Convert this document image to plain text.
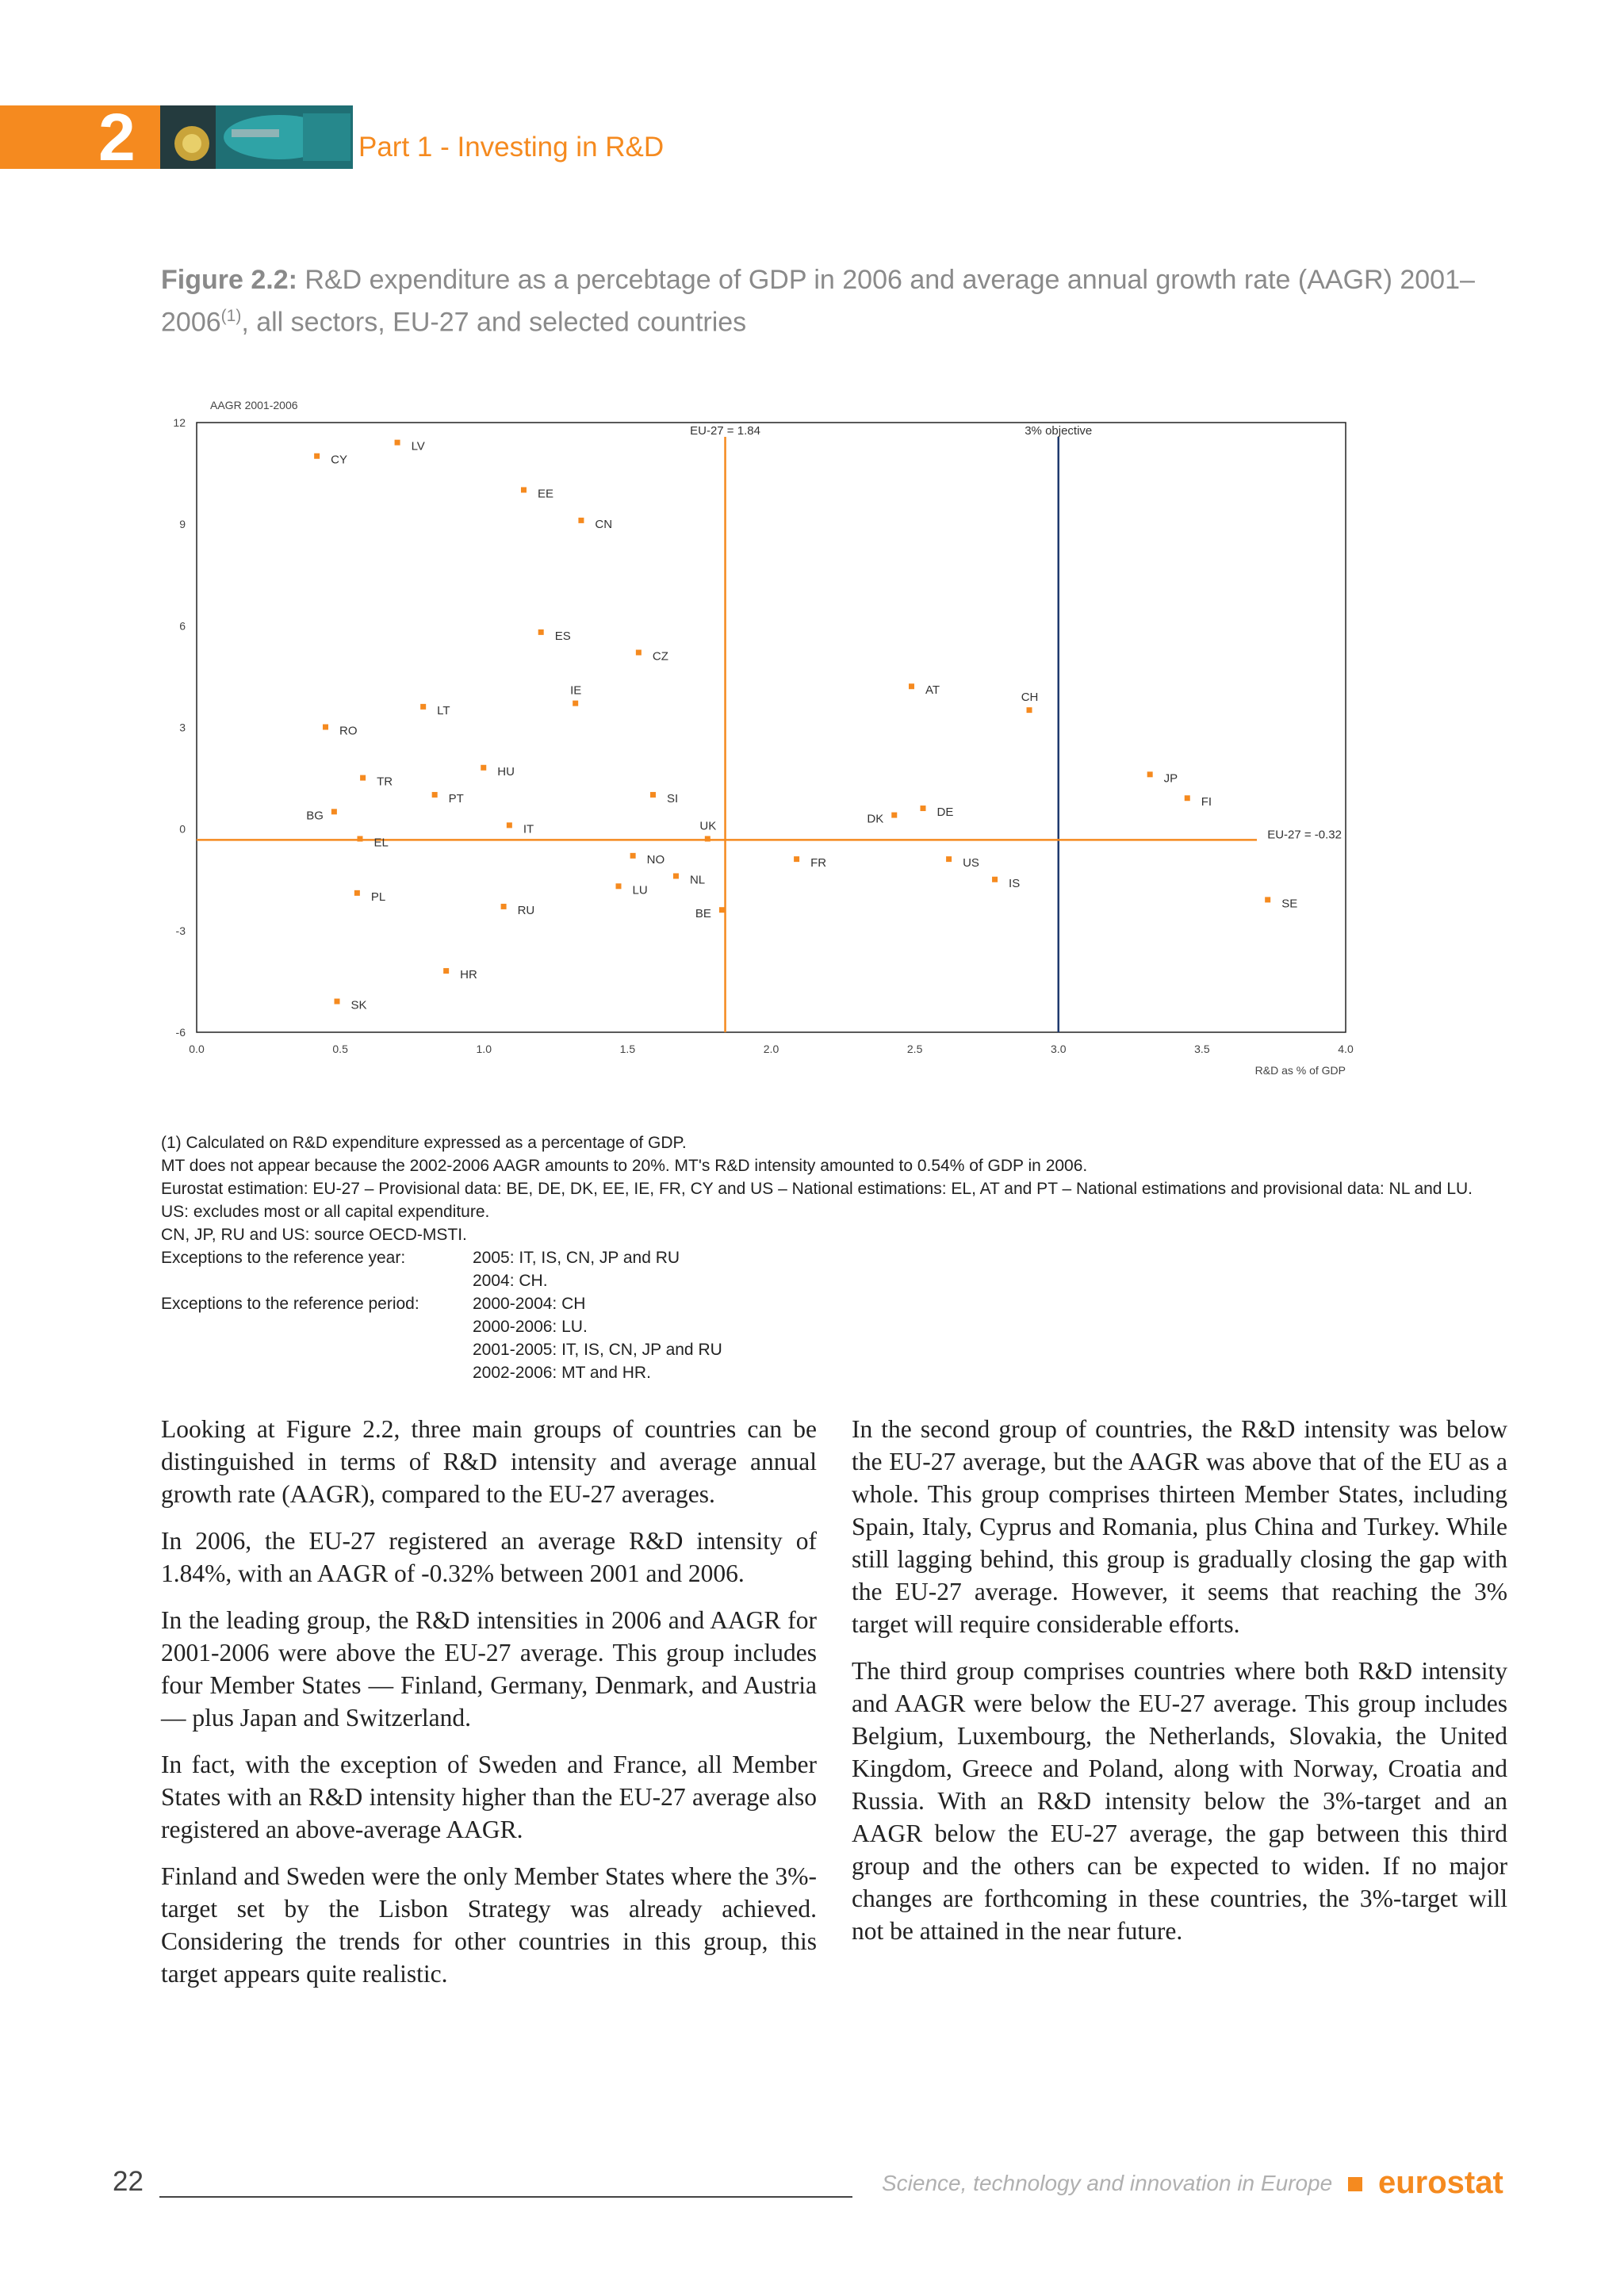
2	Part 1 - Investing in R&D
Figure 2.2: R&D expenditure as a percebtage of GDP in 2006 and average annual growth rate (AAGR) 2001–2006$^{(1)}$, all sectors, EU-27 and selected countries
AAGR 2001-2006
R&D as % of GDP
0.0	0.5	1.0	1.5	2.0	2.5	3.0	3.5	4.0
12
9
6
3
0
-3
-6
EU-27 = 1.84	3% objective
EU-27 = -0.32
CY
LV
EE
CN
ES
CZ
IE
LT
RO
AT
CH
JP
FI
HU
TR
PT	SI
BG	DE
DK
IT
EL
UK
NO	FR	US
NL
LU
IS
PL
RU	BE
SE
HR
SK
(1) Calculated on R&D expenditure expressed as a percentage of GDP.
MT does not appear because the 2002-2006 AAGR amounts to 20%. MT's R&D intensity amounted to 0.54% of GDP in 2006.
Eurostat estimation: EU-27 – Provisional data: BE, DE, DK, EE, IE, FR, CY and US – National estimations: EL, AT and PT – National estimations and provisional data: NL and LU.
US: excludes most or all capital expenditure.
CN, JP, RU and US: source OECD-MSTI.
Exceptions to the reference year:	2005: IT, IS, CN, JP and RU
2004: CH.
Exceptions to the reference period:	2000-2004: CH
2000-2006: LU.
2001-2005: IT, IS, CN, JP and RU
2002-2006: MT and HR.

Looking at Figure 2.2, three main groups of countries can be distinguished in terms of R&D intensity and average annual growth rate (AAGR), compared to the EU-27 averages.

In 2006, the EU-27 registered an average R&D intensity of 1.84%, with an AAGR of -0.32% between 2001 and 2006.

In the leading group, the R&D intensities in 2006 and AAGR for 2001-2006 were above the EU-27 average. This group includes four Member States — Finland, Germany, Denmark, and Austria — plus Japan and Switzerland.

In fact, with the exception of Sweden and France, all Member States with an R&D intensity higher than the EU-27 average also registered an above-average AAGR.

Finland and Sweden were the only Member States where the 3%-target set by the Lisbon Strategy was already achieved. Considering the trends for other countries in this group, this target appears quite realistic.

In the second group of countries, the R&D intensity was below the EU-27 average, but the AAGR was above that of the EU as a whole. This group comprises thirteen Member States, including Spain, Italy, Cyprus and Romania, plus China and Turkey. While still lagging behind, this group is gradually closing the gap with the EU-27 average. However, it seems that reaching the 3% target will require considerable efforts.

The third group comprises countries where both R&D intensity and AAGR were below the EU-27 average. This group includes Belgium, Luxembourg, the Netherlands, Slovakia, the United Kingdom, Greece and Poland, along with Norway, Croatia and Russia. With an R&D intensity below the 3%-target and an AAGR below the EU-27 average, the gap between this third group and the others can be expected to widen. If no major changes are forthcoming in these countries, the 3%-target will not be attained in the near future.

22	Science, technology and innovation in Europe eurostat
